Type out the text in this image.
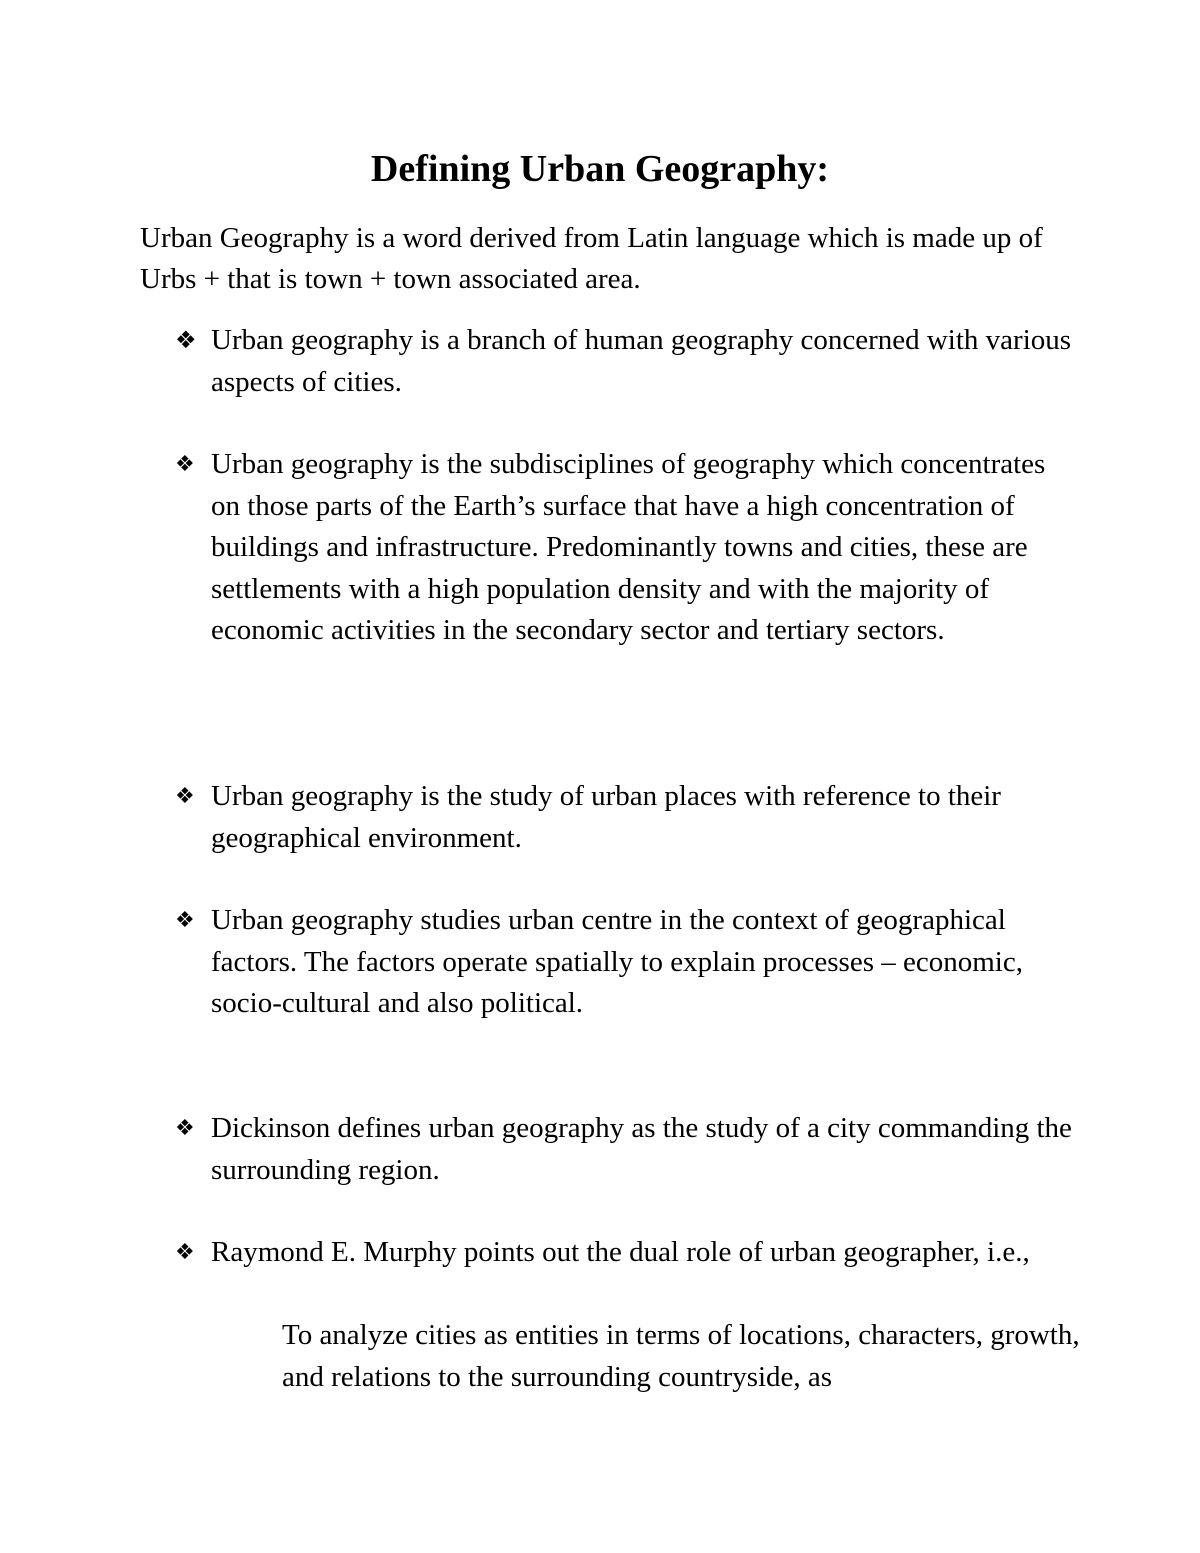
Defining Urban Geography:
Urban Geography is a word derived from Latin language which is made up of Urbs + that is town + town associated area.
❖ Urban geography is a branch of human geography concerned with various aspects of cities.
❖ Urban geography is the subdisciplines of geography which concentrates on those parts of the Earth’s surface that have a high concentration of buildings and infrastructure. Predominantly towns and cities, these are settlements with a high population density and with the majority of economic activities in the secondary sector and tertiary sectors.
❖ Urban geography is the study of urban places with reference to their geographical environment.
❖ Urban geography studies urban centre in the context of geographical factors. The factors operate spatially to explain processes – economic, socio-cultural and also political.
❖ Dickinson defines urban geography as the study of a city commanding the surrounding region.
❖ Raymond E. Murphy points out the dual role of urban geographer, i.e.,
To analyze cities as entities in terms of locations, characters, growth, and relations to the surrounding countryside, as
